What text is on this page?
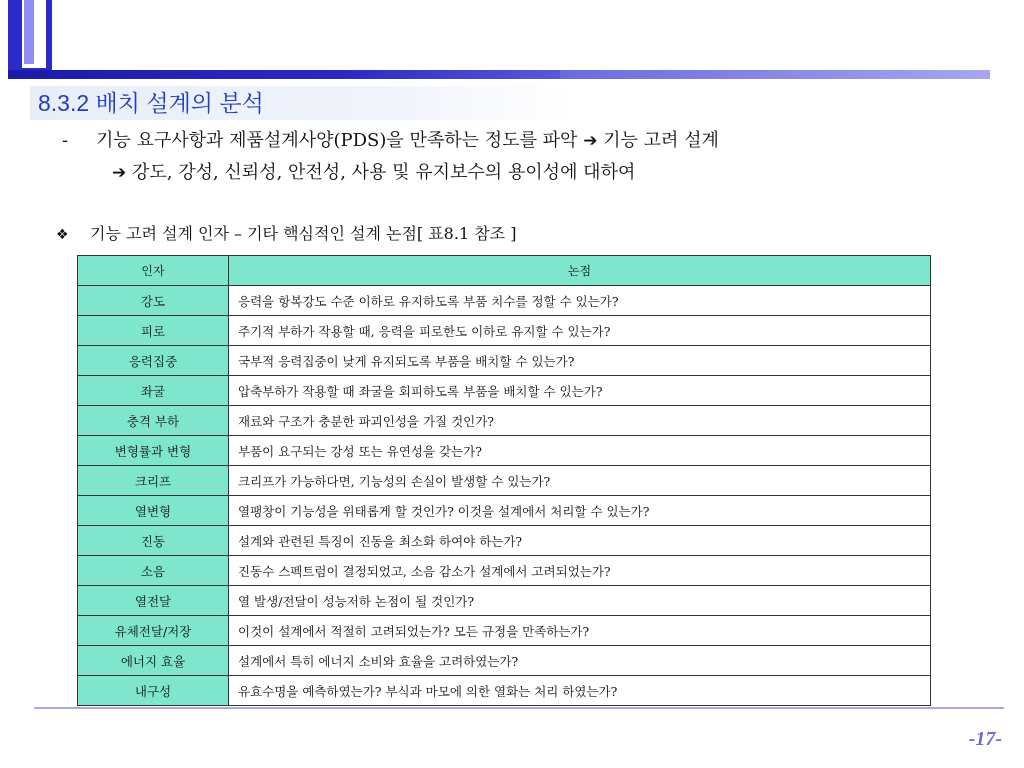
8.3.2 배치 설계의 분석
- 기능 요구사항과 제품설계사양(PDS)을 만족하는 정도를 파악 ➔ 기능 고려 설계
➔ 강도, 강성, 신뢰성, 안전성, 사용 및 유지보수의 용이성에 대하여
❖ 기능 고려 설계 인자 – 기타 핵심적인 설계 논점[ 표8.1 참조 ]
인자	논점
강도	응력을 항복강도 수준 이하로 유지하도록 부품 치수를 정할 수 있는가?
피로	주기적 부하가 작용할 때, 응력을 피로한도 이하로 유지할 수 있는가?
응력집중	국부적 응력집중이 낮게 유지되도록 부품을 배치할 수 있는가?
좌굴	압축부하가 작용할 때 좌굴을 회피하도록 부품을 배치할 수 있는가?
충격 부하	재료와 구조가 충분한 파괴인성을 가질 것인가?
변형률과 변형	부품이 요구되는 강성 또는 유연성을 갖는가?
크리프	크리프가 가능하다면, 기능성의 손실이 발생할 수 있는가?
열변형	열팽창이 기능성을 위태롭게 할 것인가? 이것을 설계에서 처리할 수 있는가?
진동	설계와 관련된 특징이 진동을 최소화 하여야 하는가?
소음	진동수 스펙트럼이 결정되었고, 소음 감소가 설계에서 고려되었는가?
열전달	열 발생/전달이 성능저하 논점이 될 것인가?
유체전달/저장	이것이 설계에서 적절히 고려되었는가? 모든 규정을 만족하는가?
에너지 효율	설계에서 특히 에너지 소비와 효율을 고려하였는가?
내구성	유효수명을 예측하였는가? 부식과 마모에 의한 열화는 처리 하였는가?
-17-
